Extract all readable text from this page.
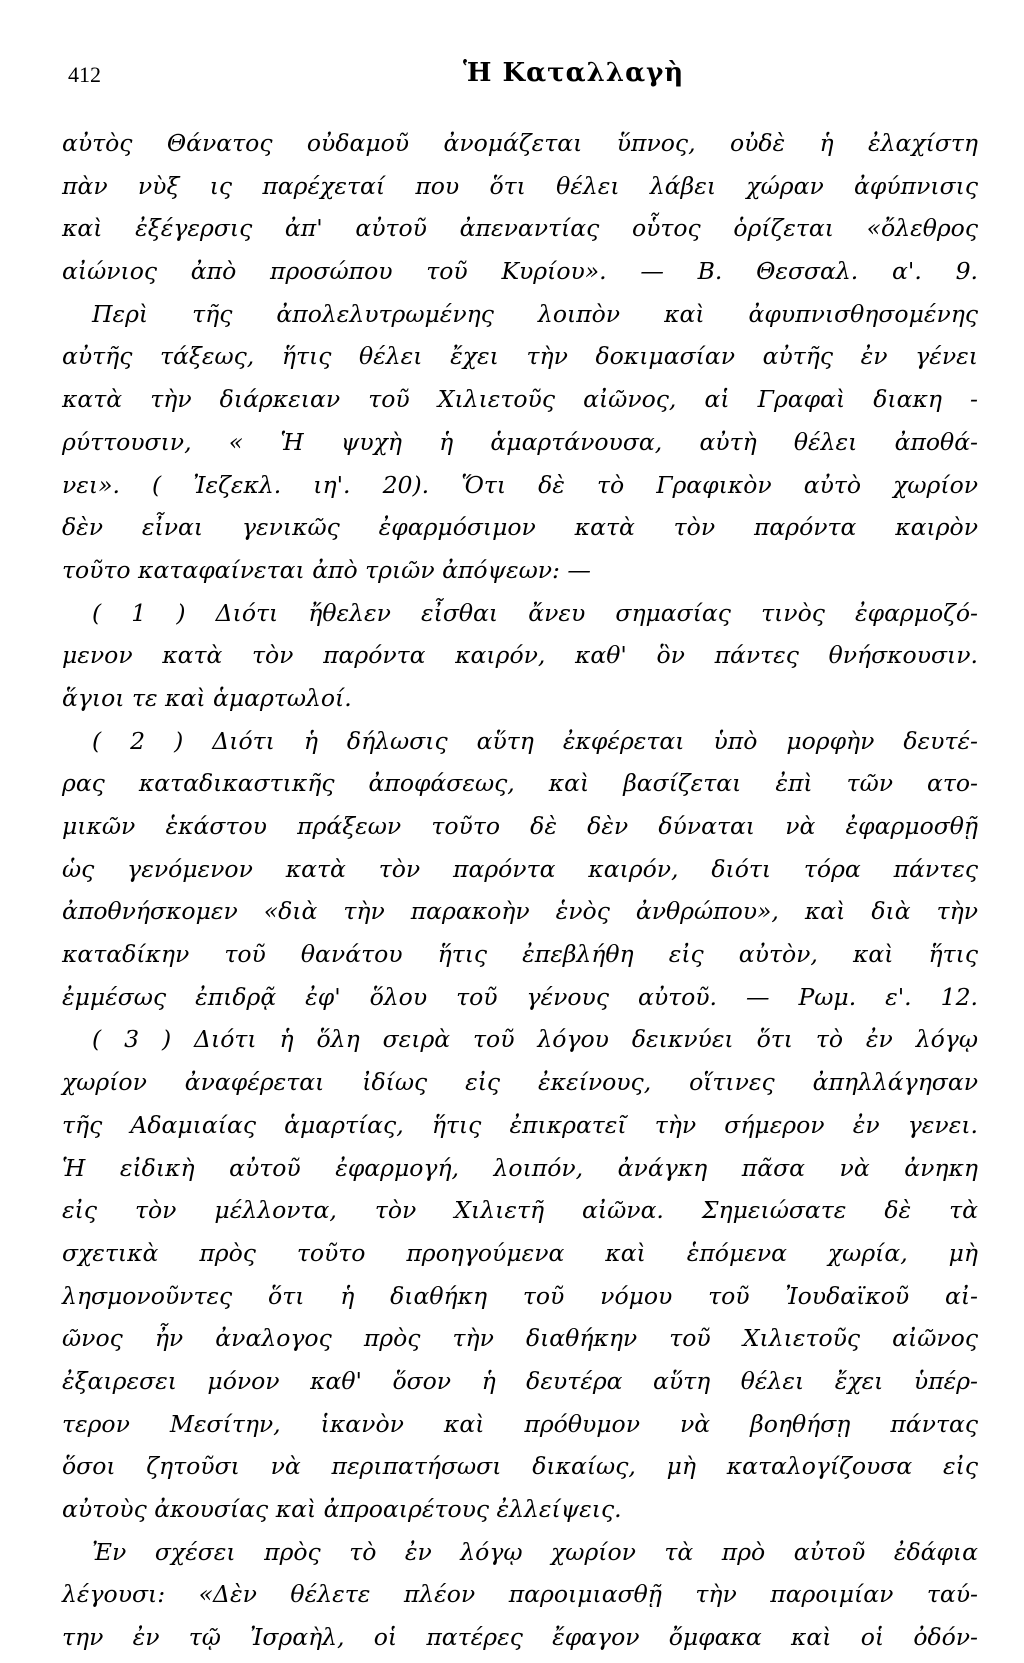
412	Ἡ Καταλλαγὴ
αὐτὸς Θάνατος οὐδαμοῦ ἀνομάζεται ὕπνος, οὐδὲ ἡ ἐλαχίστη
πὰν νὺξ ις παρέχεταί που ὅτι θέλει λάβει χώραν ἀφύπνισις
καὶ ἐξέγερσις ἀπ' αὐτοῦ ἀπεναντίας οὗτος ὁρίζεται «ὄλεθρος
αἰώνιος ἀπὸ προσώπου τοῦ Κυρίου». — Β. Θεσσαλ. α'. 9.
Περὶ τῆς ἀπολελυτρωμένης λοιπὸν καὶ ἀφυπνισθησομένης
αὐτῆς τάξεως, ἥτις θέλει ἔχει τὴν δοκιμασίαν αὐτῆς ἐν γένει
κατὰ τὴν διάρκειαν τοῦ Χιλιετοῦς αἰῶνος, αἱ Γραφαὶ διακη -
ρύττουσιν, « Ἡ ψυχὴ ἡ ἁμαρτάνουσα, αὐτὴ θέλει ἀποθά-
νει». ( Ἰεζεκλ. ιη'. 20). Ὅτι δὲ τὸ Γραφικὸν αὐτὸ χωρίον
δὲν εἶναι γενικῶς ἐφαρμόσιμον κατὰ τὸν παρόντα καιρὸν
τοῦτο καταφαίνεται ἀπὸ τριῶν ἀπόψεων: —
( 1 ) Διότι ἤθελεν εἶσθαι ἄνευ σημασίας τινὸς ἐφαρμοζό-
μενον κατὰ τὸν παρόντα καιρόν, καθ' ὃν πάντες θνήσκουσιν.
ἅγιοι τε καὶ ἁμαρτωλοί.
( 2 ) Διότι ἡ δήλωσις αὕτη ἐκφέρεται ὑπὸ μορφὴν δευτέ-
ρας καταδικαστικῆς ἀποφάσεως, καὶ βασίζεται ἐπὶ τῶν ατο-
μικῶν ἑκάστου πράξεων τοῦτο δὲ δὲν δύναται νὰ ἐφαρμοσθῇ
ὡς γενόμενον κατὰ τὸν παρόντα καιρόν, διότι τόρα πάντες
ἀποθνήσκομεν «διὰ τὴν παρακοὴν ἑνὸς ἀνθρώπου», καὶ διὰ τὴν
καταδίκην τοῦ θανάτου ἥτις ἐπεβλήθη εἰς αὐτὸν, καὶ ἥτις
ἐμμέσως ἐπιδρᾷ ἐφ' ὅλου τοῦ γένους αὐτοῦ. — Ρωμ. ε'. 12.
( 3 ) Διότι ἡ ὅλη σειρὰ τοῦ λόγου δεικνύει ὅτι τὸ ἐν λόγῳ
χωρίον ἀναφέρεται ἰδίως εἰς ἐκείνους, οἵτινες ἀπηλλάγησαν
τῆς Αδαμιαίας ἁμαρτίας, ἥτις ἐπικρατεῖ τὴν σήμερον ἐν γενει.
Ἡ εἰδικὴ αὐτοῦ ἐφαρμογή, λοιπόν, ἀνάγκη πᾶσα νὰ ἀνηκη
εἰς τὸν μέλλοντα, τὸν Χιλιετῆ αἰῶνα. Σημειώσατε δὲ τὰ
σχετικὰ πρὸς τοῦτο προηγούμενα καὶ ἑπόμενα χωρία, μὴ
λησμονοῦντες ὅτι ἡ διαθήκη τοῦ νόμου τοῦ Ἰουδαϊκοῦ αἰ-
ῶνος ἦν ἀναλογος πρὸς τὴν διαθήκην τοῦ Χιλιετοῦς αἰῶνος
ἐξαιρεσει μόνον καθ' ὅσον ἡ δευτέρα αὕτη θέλει ἔχει ὑπέρ-
τερον Μεσίτην, ἱκανὸν καὶ πρόθυμον νὰ βοηθήσῃ πάντας
ὅσοι ζητοῦσι νὰ περιπατήσωσι δικαίως, μὴ καταλογίζουσα εἰς
αὐτοὺς ἀκουσίας καὶ ἀπροαιρέτους ἐλλείψεις.
Ἐν σχέσει πρὸς τὸ ἐν λόγῳ χωρίον τὰ πρὸ αὐτοῦ ἐδάφια
λέγουσι: «Δὲν θέλετε πλέον παροιμιασθῇ τὴν παροιμίαν ταύ-
την ἐν τῷ Ἰσραὴλ, οἱ πατέρες ἔφαγον ὄμφακα καὶ οἱ ὀδόν-
